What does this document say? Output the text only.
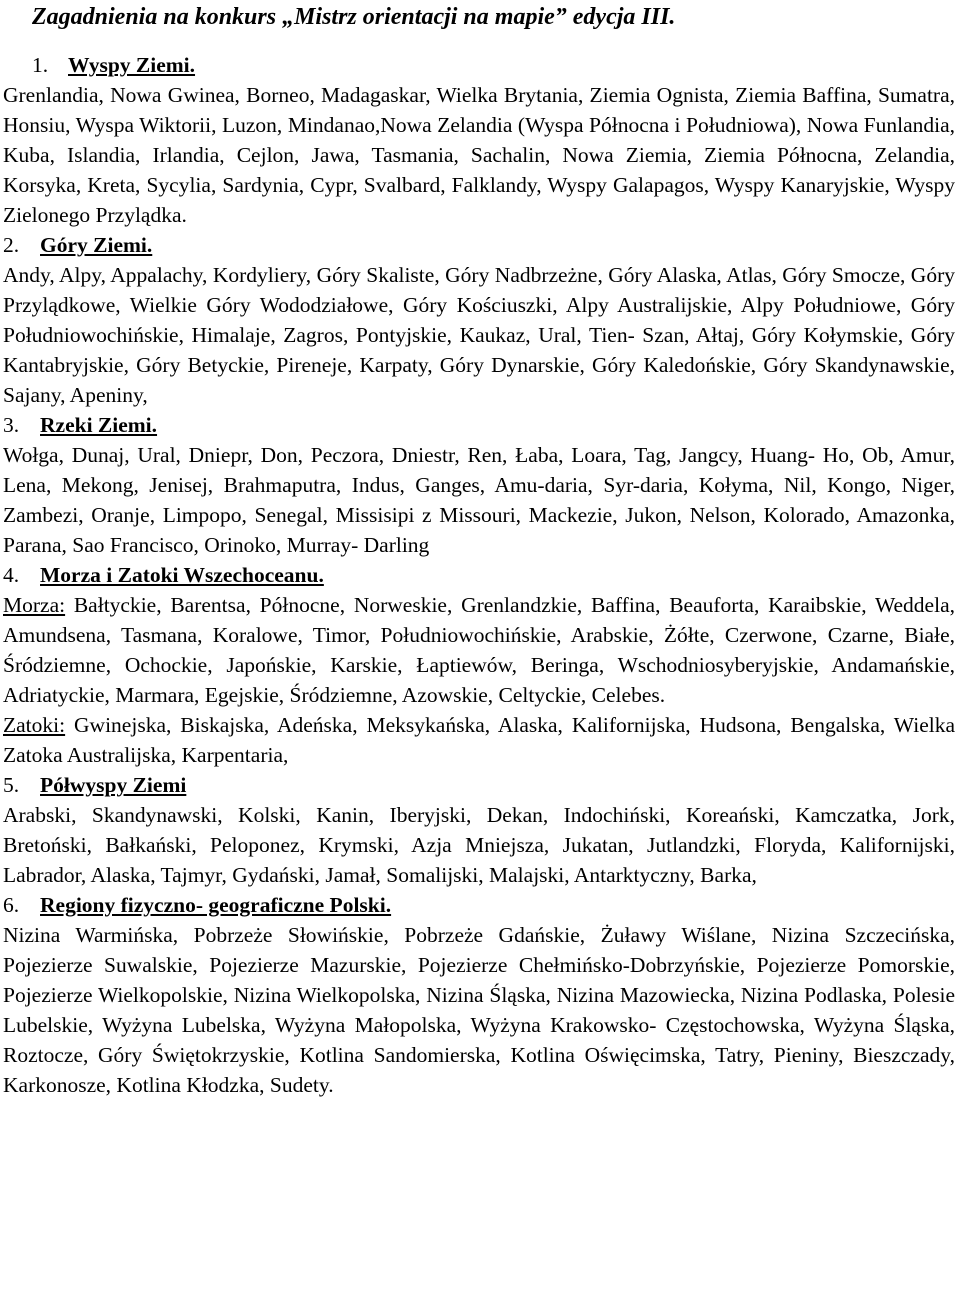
Zagadnienia na konkurs „Mistrz orientacji na mapie” edycja III.

1. Wyspy Ziemi.

Grenlandia, Nowa Gwinea, Borneo, Madagaskar, Wielka Brytania, Ziemia Ognista, Ziemia Baffina, Sumatra, Honsiu, Wyspa Wiktorii, Luzon, Mindanao,Nowa Zelandia (Wyspa Północna i Południowa), Nowa Funlandia, Kuba, Islandia, Irlandia, Cejlon, Jawa, Tasmania, Sachalin, Nowa Ziemia, Ziemia Północna, Zelandia, Korsyka, Kreta, Sycylia, Sardynia, Cypr, Svalbard, Falklandy, Wyspy Galapagos, Wyspy Kanaryjskie, Wyspy Zielonego Przylądka.

2. Góry Ziemi.

Andy, Alpy, Appalachy, Kordyliery, Góry Skaliste, Góry Nadbrzeżne, Góry Alaska, Atlas, Góry Smocze, Góry Przylądkowe, Wielkie Góry Wododziałowe, Góry Kościuszki, Alpy Australijskie, Alpy Południowe, Góry Południowochińskie, Himalaje, Zagros, Pontyjskie, Kaukaz, Ural, Tien- Szan, Ałtaj, Góry Kołymskie, Góry Kantabryjskie, Góry Betyckie, Pireneje, Karpaty, Góry Dynarskie, Góry Kaledońskie, Góry Skandynawskie, Sajany, Apeniny,

3. Rzeki Ziemi.

Wołga, Dunaj, Ural, Dniepr, Don, Peczora, Dniestr, Ren, Łaba, Loara, Tag, Jangcy, Huang- Ho, Ob, Amur, Lena, Mekong, Jenisej, Brahmaputra, Indus, Ganges, Amu-daria, Syr-daria, Kołyma, Nil, Kongo, Niger, Zambezi, Oranje, Limpopo, Senegal, Missisipi z Missouri, Mackezie, Jukon, Nelson, Kolorado, Amazonka, Parana, Sao Francisco, Orinoko, Murray- Darling

4. Morza i Zatoki Wszechoceanu.

Morza: Bałtyckie, Barentsa, Północne, Norweskie, Grenlandzkie, Baffina, Beauforta, Karaibskie, Weddela, Amundsena, Tasmana, Koralowe, Timor, Południowochińskie, Arabskie, Żółte, Czerwone, Czarne, Białe, Śródziemne, Ochockie, Japońskie, Karskie, Łaptiewów, Beringa, Wschodniosyberyjskie, Andamańskie, Adriatyckie, Marmara, Egejskie, Śródziemne, Azowskie, Celtyckie, Celebes.

Zatoki: Gwinejska, Biskajska, Adeńska, Meksykańska, Alaska, Kalifornijska, Hudsona, Bengalska, Wielka Zatoka Australijska, Karpentaria,

5. Półwyspy Ziemi

Arabski, Skandynawski, Kolski, Kanin, Iberyjski, Dekan, Indochiński, Koreański, Kamczatka, Jork, Bretoński, Bałkański, Peloponez, Krymski, Azja Mniejsza, Jukatan, Jutlandzki, Floryda, Kalifornijski, Labrador, Alaska, Tajmyr, Gydański, Jamał, Somalijski, Malajski, Antarktyczny, Barka,

6. Regiony fizyczno- geograficzne Polski.

Nizina Warmińska, Pobrzeże Słowińskie, Pobrzeże Gdańskie, Żuławy Wiślane, Nizina Szczecińska, Pojezierze Suwalskie, Pojezierze Mazurskie, Pojezierze Chełmińsko-Dobrzyńskie, Pojezierze Pomorskie, Pojezierze Wielkopolskie, Nizina Wielkopolska, Nizina Śląska, Nizina Mazowiecka, Nizina Podlaska, Polesie Lubelskie, Wyżyna Lubelska, Wyżyna Małopolska, Wyżyna Krakowsko- Częstochowska, Wyżyna Śląska, Roztocze, Góry Świętokrzyskie, Kotlina Sandomierska, Kotlina Oświęcimska, Tatry, Pieniny, Bieszczady, Karkonosze, Kotlina Kłodzka, Sudety.
